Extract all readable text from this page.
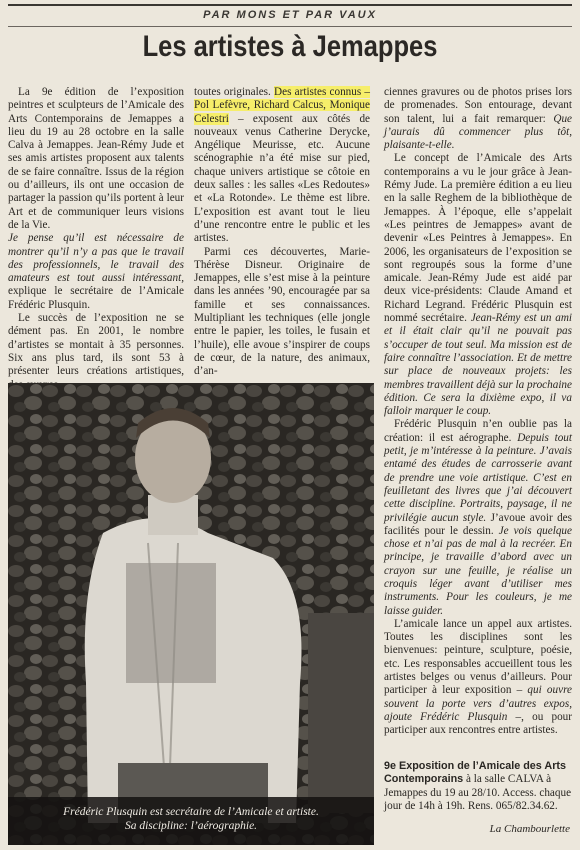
PAR MONS ET PAR VAUX
Les artistes à Jemappes

La 9e édition de l’exposition peintres et sculpteurs de l’Amicale des Arts Contemporains de Jemappes a lieu du 19 au 28 octobre en la salle Calva à Jemappes. Jean-Rémy Jude et ses amis artistes proposent aux talents de se faire connaître. Issus de la région ou d’ailleurs, ils ont une occasion de partager la passion qu’ils portent à leur Art et de communiquer leurs visions de la Vie.

Je pense qu’il est nécessaire de montrer qu’il n’y a pas que le travail des professionnels, le travail des amateurs est tout aussi intéressant, explique le secrétaire de l’Amicale Frédéric Plusquin.

Le succès de l’exposition ne se dément pas. En 2001, le nombre d’artistes se montait à 35 personnes. Six ans plus tard, ils sont 53 à présenter leurs créations artistiques,

toutes originales. Des artistes connus – Pol Lefèvre, Richard Calcus, Monique Celestri – exposent aux côtés de nouveaux venus Catherine Derycke, Angélique Meurisse, etc. Aucune scénographie n’a été mise sur pied, chaque univers artistique se côtoie en deux salles : les salles «Les Redoutes» et «La Rotonde». Le thème est libre. L’exposition est avant tout le lieu d’une rencontre entre le public et les artistes.

Parmi ces découvertes, Marie-Thérèse Disneur. Originaire de Jemappes, elle s’est mise à la peinture dans les années ’90, encouragée par sa famille et ses connaissances. Multipliant les techniques (elle jongle entre le papier, les toiles, le fusain et l’huile), elle avoue s’inspirer de coups de cœur, de la nature, des animaux, d’an-

ciennes gravures ou de photos prises lors de promenades. Son entourage, devant son talent, lui a fait remarquer: Que j’aurais dû commencer plus tôt, plaisante-t-elle.

Le concept de l’Amicale des Arts contemporains a vu le jour grâce à Jean-Rémy Jude. La première édition a eu lieu en la salle Reghem de la bibliothèque de Jemappes. À l’époque, elle s’appelait «Les peintres de Jemappes» avant de devenir «Les Peintres à Jemappes». En 2006, les organisateurs de l’exposition se sont regroupés sous la forme d’une amicale. Jean-Rémy Jude est aidé par deux vice-présidents: Claude Amand et Richard Legrand. Frédéric Plusquin est nommé secrétaire. Jean-Rémy est un ami et il était clair qu’il ne pouvait pas s’occuper de tout seul. Ma mission est de faire connaître l’association. Et de mettre sur place de nouveaux projets: les membres travaillent déjà sur la prochaine édition. Ce sera la dixième expo, il va falloir marquer le coup.

Frédéric Plusquin n’en oublie pas la création: il est aérographe. Depuis tout petit, je m’intéresse à la peinture. J’avais entamé des études de carrosserie avant de prendre une voie artistique. C’est en feuilletant des livres que j’ai découvert cette discipline. Portraits, paysage, il ne privilégie aucun style. J’avoue avoir des facilités pour le dessin. Je vois quelque chose et n’ai pas de mal à la recréer. En principe, je travaille d’abord avec un crayon sur une feuille, je réalise un croquis léger avant d’utiliser mes instruments. Pour les couleurs, je me laisse guider.

L’amicale lance un appel aux artistes. Toutes les disciplines sont les bienvenues: peinture, sculpture, poésie, etc. Les responsables accueillent tous les artistes belges ou venus d’ailleurs. Pour participer à leur exposition – qui ouvre souvent la porte vers d’autres expos, ajoute Frédéric Plusquin –, ou pour participer aux rencontres entre artistes.

Frédéric Plusquin est secrétaire de l’Amicale et artiste.
Sa discipline: l’aérographie.
9e Exposition de l’Amicale des Arts Contemporains à la salle CALVA à Jemappes du 19 au 28/10. Access. chaque jour de 14h à 19h. Rens. 065/82.34.62.
La Chambourlette
